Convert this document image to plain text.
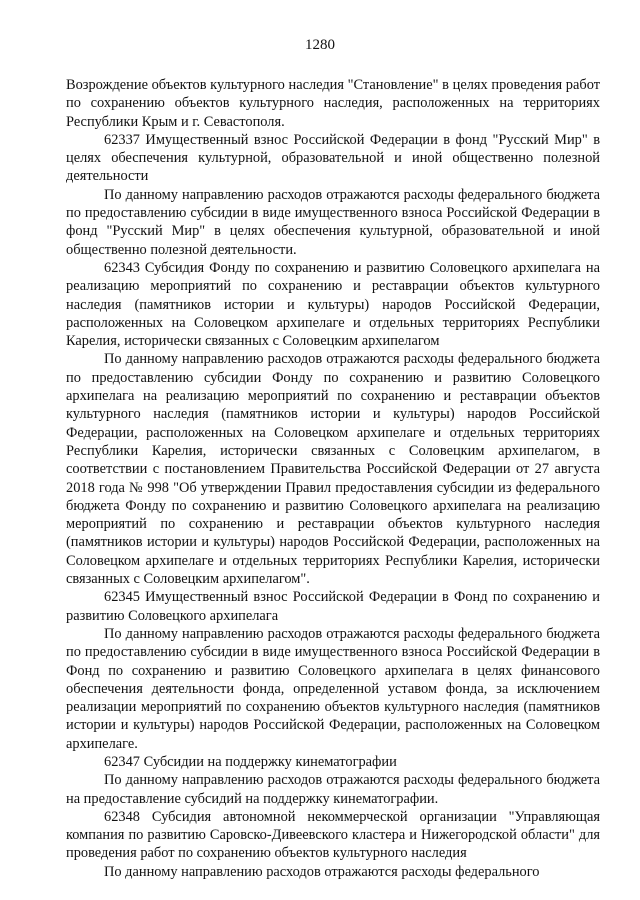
1280

Возрождение объектов культурного наследия "Становление" в целях проведения работ по сохранению объектов культурного наследия, расположенных на территориях Республики Крым и г. Севастополя.

62337 Имущественный взнос Российской Федерации в фонд "Русский Мир" в целях обеспечения культурной, образовательной и иной общественно полезной деятельности

По данному направлению расходов отражаются расходы федерального бюджета по предоставлению субсидии в виде имущественного взноса Российской Федерации в фонд "Русский Мир" в целях обеспечения культурной, образовательной и иной общественно полезной деятельности.

62343 Субсидия Фонду по сохранению и развитию Соловецкого архипелага на реализацию мероприятий по сохранению и реставрации объектов культурного наследия (памятников истории и культуры) народов Российской Федерации, расположенных на Соловецком архипелаге и отдельных территориях Республики Карелия, исторически связанных с Соловецким архипелагом

По данному направлению расходов отражаются расходы федерального бюджета по предоставлению субсидии Фонду по сохранению и развитию Соловецкого архипелага на реализацию мероприятий по сохранению и реставрации объектов культурного наследия (памятников истории и культуры) народов Российской Федерации, расположенных на Соловецком архипелаге и отдельных территориях Республики Карелия, исторически связанных с Соловецким архипелагом, в соответствии с постановлением Правительства Российской Федерации от 27 августа 2018 года № 998 "Об утверждении Правил предоставления субсидии из федерального бюджета Фонду по сохранению и развитию Соловецкого архипелага на реализацию мероприятий по сохранению и реставрации объектов культурного наследия (памятников истории и культуры) народов Российской Федерации, расположенных на Соловецком архипелаге и отдельных территориях Республики Карелия, исторически связанных с Соловецким архипелагом".

62345 Имущественный взнос Российской Федерации в Фонд по сохранению и развитию Соловецкого архипелага

По данному направлению расходов отражаются расходы федерального бюджета по предоставлению субсидии в виде имущественного взноса Российской Федерации в Фонд по сохранению и развитию Соловецкого архипелага в целях финансового обеспечения деятельности фонда, определенной уставом фонда, за исключением реализации мероприятий по сохранению объектов культурного наследия (памятников истории и культуры) народов Российской Федерации, расположенных на Соловецком архипелаге.

62347 Субсидии на поддержку кинематографии

По данному направлению расходов отражаются расходы федерального бюджета на предоставление субсидий на поддержку кинематографии.

62348 Субсидия автономной некоммерческой организации "Управляющая компания по развитию Саровско-Дивеевского кластера и Нижегородской области" для проведения работ по сохранению объектов культурного наследия

По данному направлению расходов отражаются расходы федерального
